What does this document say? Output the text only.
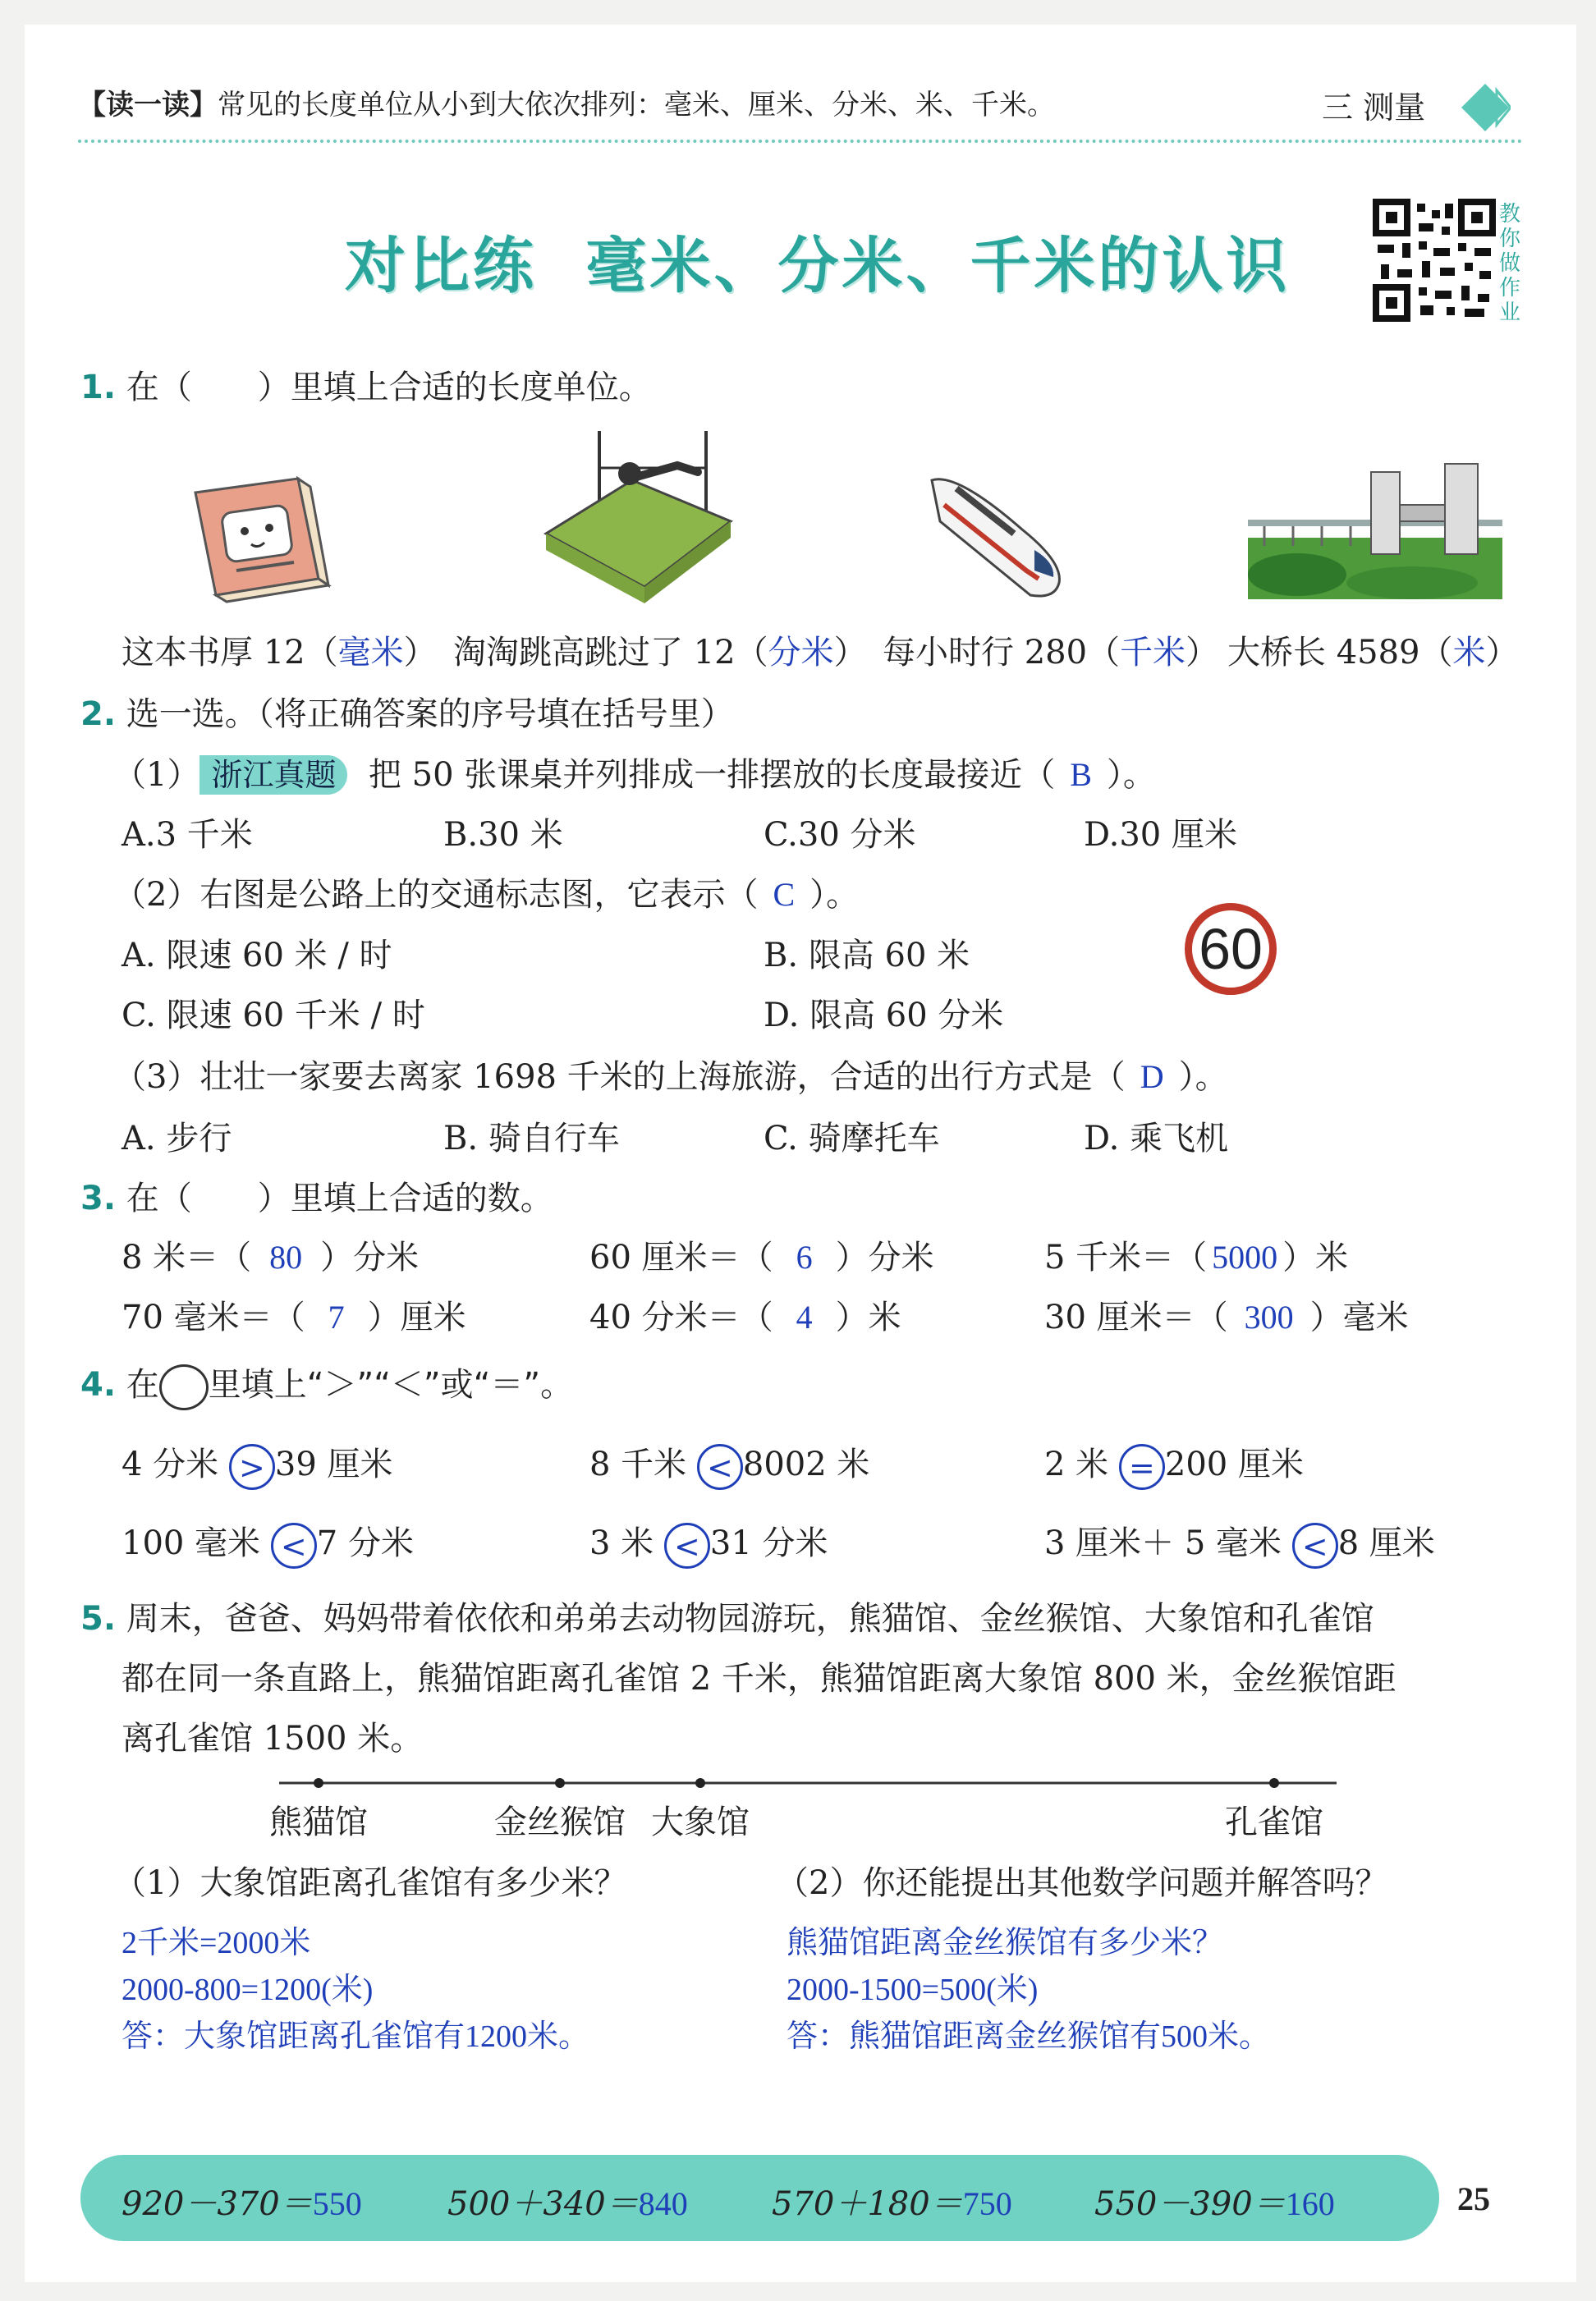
【读一读】常见的长度单位从小到大依次排列：毫米、厘米、分米、米、千米。	三 测量
对比练 毫米、分米、千米的认识
教你做作业
1. 在（　　）里填上合适的长度单位。
这本书厚 12（毫米） 淘淘跳高跳过了 12（分米） 每小时行 280（千米） 大桥长 4589（米）
2. 选一选。（将正确答案的序号填在括号里）
（1） 浙江真题 把 50 张课桌并列排成一排摆放的长度最接近（ B ）。
A.3 千米	B.30 米	C.30 分米	D.30 厘米
（2）右图是公路上的交通标志图，它表示（ C ）。
A. 限速 60 米 / 时	B. 限高 60 米
C. 限速 60 千米 / 时	D. 限高 60 分米
60
（3）壮壮一家要去离家 1698 千米的上海旅游，合适的出行方式是（ D ）。
A. 步行	B. 骑自行车	C. 骑摩托车	D. 乘飞机
3. 在（　　）里填上合适的数。
8 米＝（ 80 ）分米	60 厘米＝（ 6 ）分米	5 千米＝（ 5000 ）米
70 毫米＝（ 7 ）厘米	40 分米＝（ 4 ）米	30 厘米＝（ 300 ）毫米
4. 在 里填上“＞”“＜”或“＝”。
4 分米 > 39 厘米	8 千米 < 8002 米	2 米 = 200 厘米
100 毫米 < 7 分米	3 米 < 31 分米	3 厘米＋ 5 毫米 < 8 厘米
5. 周末，爸爸、妈妈带着依依和弟弟去动物园游玩，熊猫馆、金丝猴馆、大象馆和孔雀馆
都在同一条直路上，熊猫馆距离孔雀馆 2 千米，熊猫馆距离大象馆 800 米，金丝猴馆距
离孔雀馆 1500 米。
熊猫馆	金丝猴馆 大象馆	孔雀馆
（1）大象馆距离孔雀馆有多少米？
2千米=2000米
2000-800=1200(米)
答：大象馆距离孔雀馆有1200米。
（2）你还能提出其他数学问题并解答吗？
熊猫馆距离金丝猴馆有多少米？
2000-1500=500(米)
答：熊猫馆距离金丝猴馆有500米。
920－370＝550	500＋340＝840	570＋180＝750	550－390＝160	25
